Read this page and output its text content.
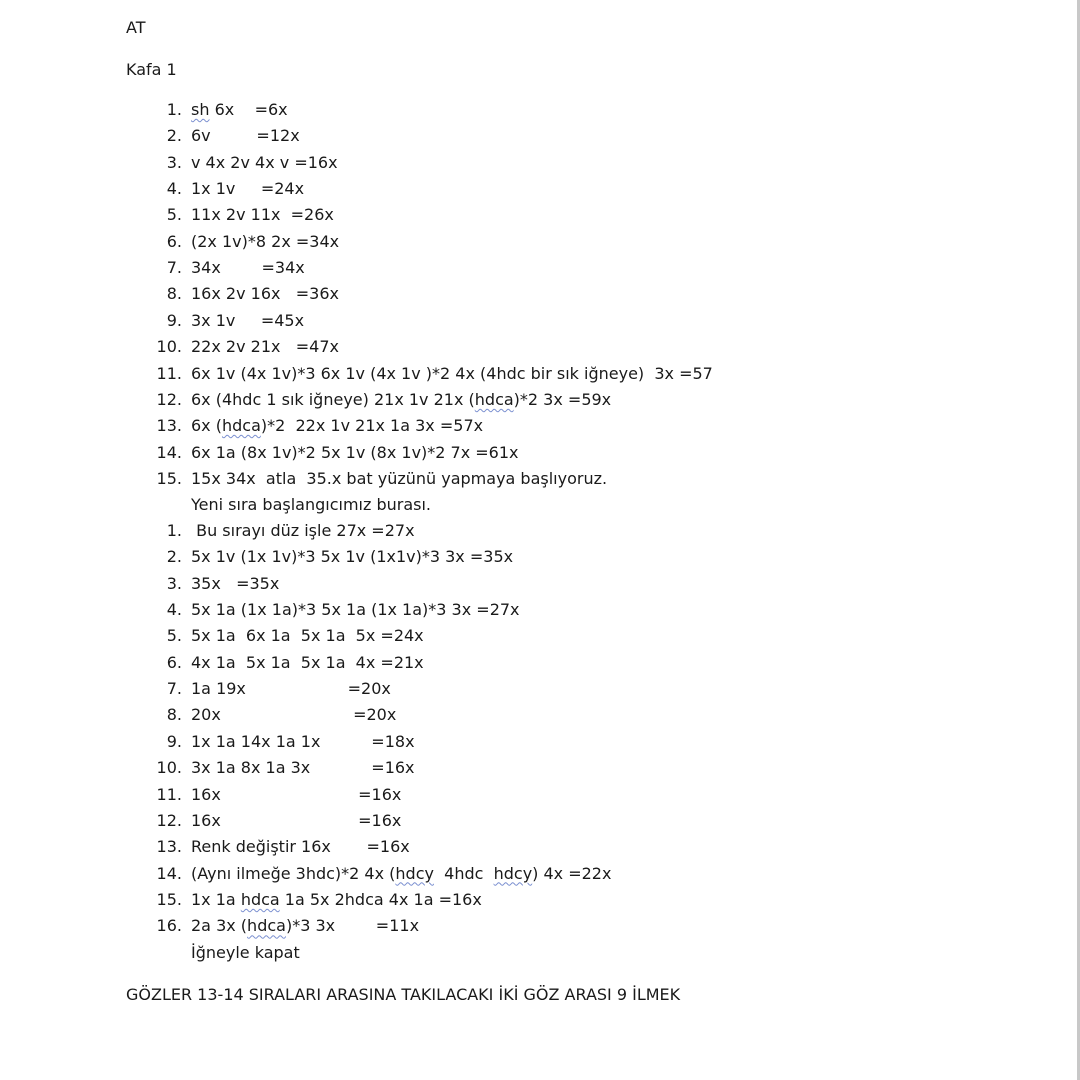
AT
Kafa 1
1. sh 6x    =6x
2. 6v         =12x
3. v 4x 2v 4x v =16x
4. 1x 1v     =24x
5. 11x 2v 11x  =26x
6. (2x 1v)*8 2x =34x
7. 34x        =34x
8. 16x 2v 16x   =36x
9. 3x 1v     =45x
10. 22x 2v 21x   =47x
11. 6x 1v (4x 1v)*3 6x 1v (4x 1v )*2 4x (4hdc bir sık iğneye)  3x =57
12. 6x (4hdc 1 sık iğneye) 21x 1v 21x (hdca)*2 3x =59x
13. 6x (hdca)*2  22x 1v 21x 1a 3x =57x
14. 6x 1a (8x 1v)*2 5x 1v (8x 1v)*2 7x =61x
15. 15x 34x  atla  35.x bat yüzünü yapmaya başlıyoruz.
Yeni sıra başlangıcımız burası.
1. Bu sırayı düz işle 27x =27x
2. 5x 1v (1x 1v)*3 5x 1v (1x1v)*3 3x =35x
3. 35x   =35x
4. 5x 1a (1x 1a)*3 5x 1a (1x 1a)*3 3x =27x
5. 5x 1a  6x 1a  5x 1a  5x =24x
6. 4x 1a  5x 1a  5x 1a  4x =21x
7. 1a 19x                    =20x
8. 20x                          =20x
9. 1x 1a 14x 1a 1x          =18x
10. 3x 1a 8x 1a 3x            =16x
11. 16x                           =16x
12. 16x                           =16x
13. Renk değiştir 16x       =16x
14. (Aynı ilmeğe 3hdc)*2 4x (hdcy  4hdc  hdcy) 4x =22x
15. 1x 1a hdca 1a 5x 2hdca 4x 1a =16x
16. 2a 3x (hdca)*3 3x        =11x
İğneyle kapat
GÖZLER 13-14 SIRALARI ARASINA TAKILACAKI İKİ GÖZ ARASI 9 İLMEK
